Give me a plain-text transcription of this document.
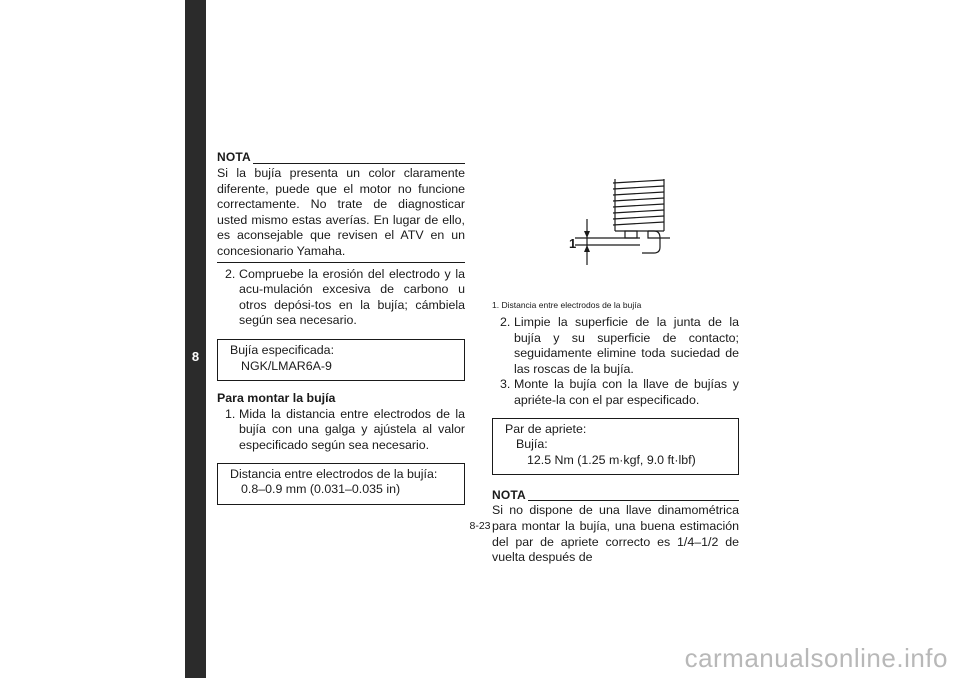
8
NOTA

Si la bujía presenta un color claramente diferente, puede que el motor no funcione correctamente. No trate de diagnosticar usted mismo estas averías. En lugar de ello, es aconsejable que revisen el ATV en un concesionario Yamaha.

2. Compruebe la erosión del electrodo y la acu-mulación excesiva de carbono u otros depósi-tos en la bujía; cámbiela según sea necesario.

Bujía especificada:
NGK/LMAR6A-9

Para montar la bujía

1. Mida la distancia entre electrodos de la bujía con una galga y ajústela al valor especificado según sea necesario.

Distancia entre electrodos de la bujía:
0.8–0.9 mm (0.031–0.035 in)
1

1. Distancia entre electrodos de la bujía

2. Limpie la superficie de la junta de la bujía y su superficie de contacto; seguidamente elimine toda suciedad de las roscas de la bujía.

3. Monte la bujía con la llave de bujías y apriéte-la con el par especificado.

Par de apriete:
Bujía:
12.5 Nm (1.25 m·kgf, 9.0 ft·lbf)
NOTA

Si no dispone de una llave dinamométrica para montar la bujía, una buena estimación del par de apriete correcto es 1/4–1/2 de vuelta después de

8-23
carmanualsonline.info
